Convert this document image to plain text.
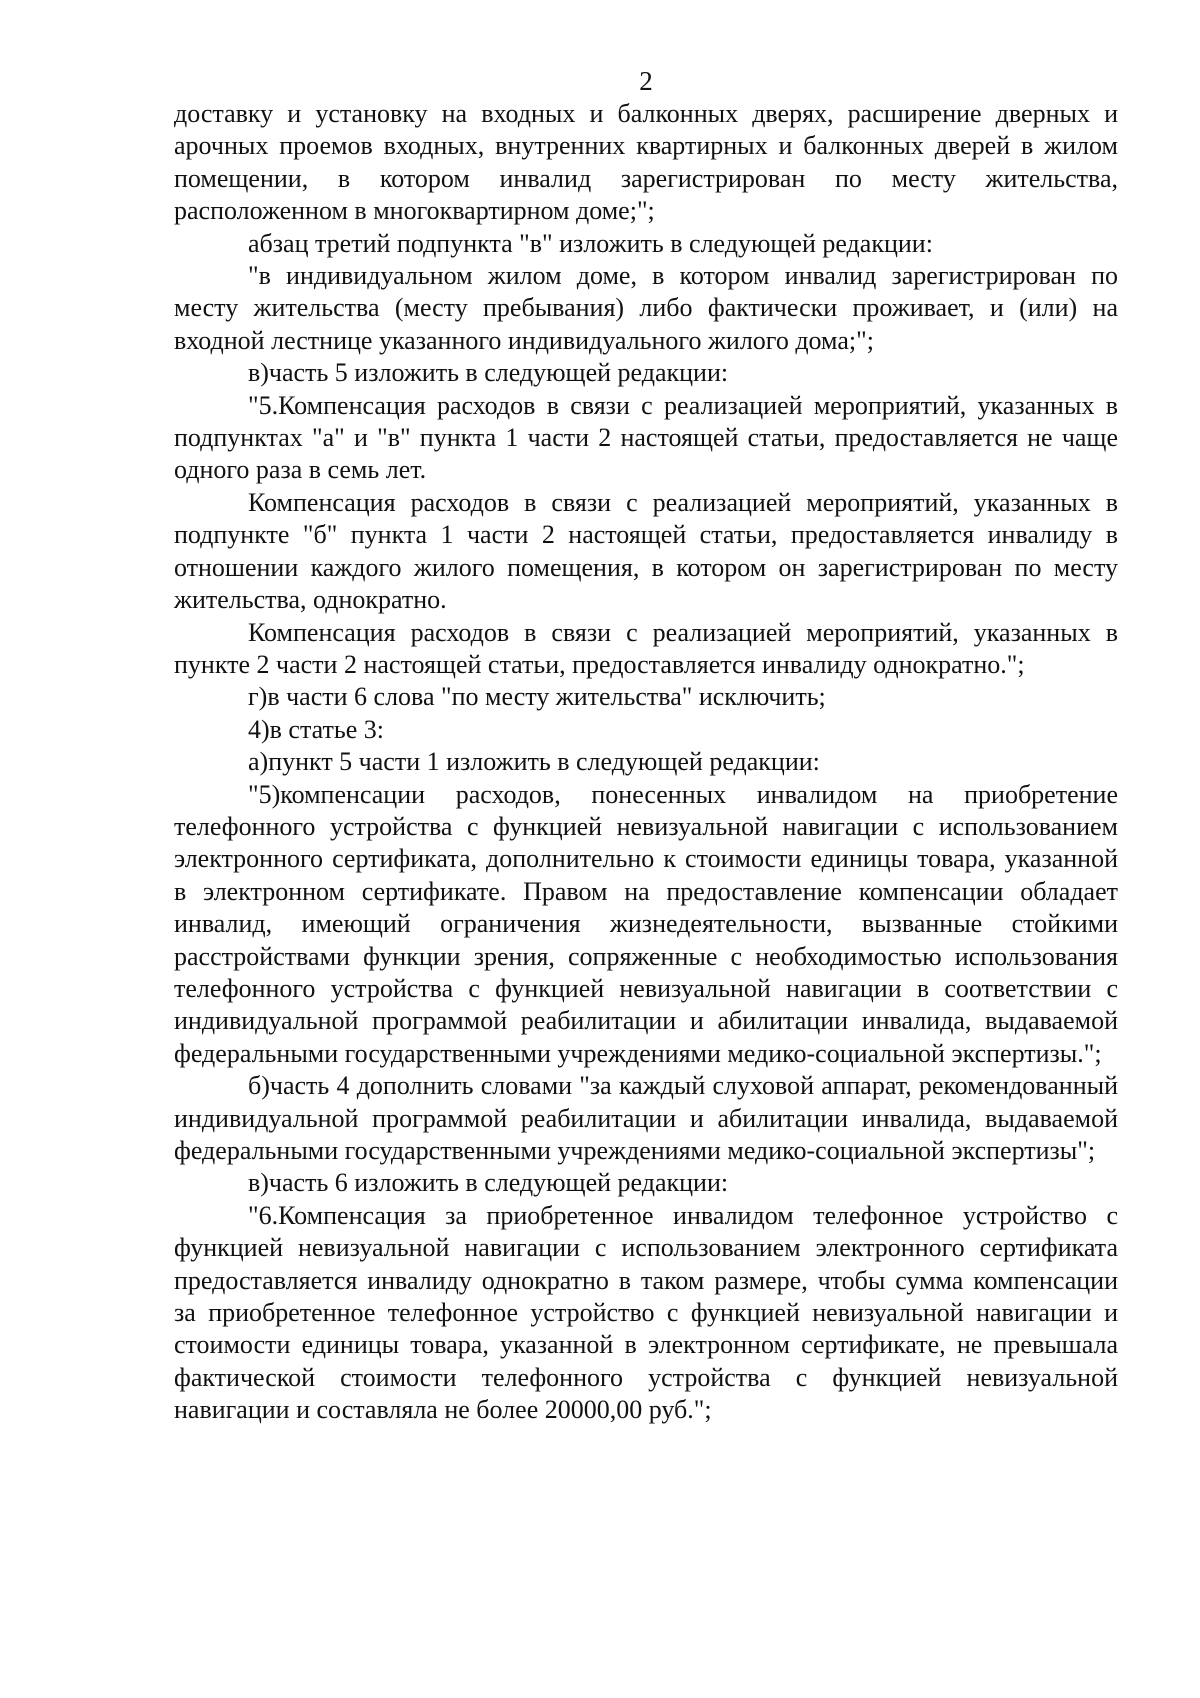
2

доставку и установку на входных и балконных дверях, расширение дверных и арочных проемов входных, внутренних квартирных и балконных дверей в жилом помещении, в котором инвалид зарегистрирован по месту жительства, расположенном в многоквартирном доме;";

абзац третий подпункта "в" изложить в следующей редакции:

"в индивидуальном жилом доме, в котором инвалид зарегистрирован по месту жительства (месту пребывания) либо фактически проживает, и (или) на входной лестнице указанного индивидуального жилого дома;";

в)часть 5 изложить в следующей редакции:

"5.Компенсация расходов в связи с реализацией мероприятий, указанных в подпунктах "а" и "в" пункта 1 части 2 настоящей статьи, предоставляется не чаще одного раза в семь лет.

Компенсация расходов в связи с реализацией мероприятий, указанных в подпункте "б" пункта 1 части 2 настоящей статьи, предоставляется инвалиду в отношении каждого жилого помещения, в котором он зарегистрирован по месту жительства, однократно.

Компенсация расходов в связи с реализацией мероприятий, указанных в пункте 2 части 2 настоящей статьи, предоставляется инвалиду однократно.";

г)в части 6 слова "по месту жительства" исключить;

4)в статье 3:

а)пункт 5 части 1 изложить в следующей редакции:

"5)компенсации расходов, понесенных инвалидом на приобретение телефонного устройства с функцией невизуальной навигации с использованием электронного сертификата, дополнительно к стоимости единицы товара, указанной в электронном сертификате. Правом на предоставление компенсации обладает инвалид, имеющий ограничения жизнедеятельности, вызванные стойкими расстройствами функции зрения, сопряженные с необходимостью использования телефонного устройства с функцией невизуальной навигации в соответствии с индивидуальной программой реабилитации и абилитации инвалида, выдаваемой федеральными государственными учреждениями медико-социальной экспертизы.";

б)часть 4 дополнить словами "за каждый слуховой аппарат, рекомендованный индивидуальной программой реабилитации и абилитации инвалида, выдаваемой федеральными государственными учреждениями медико-социальной экспертизы";

в)часть 6 изложить в следующей редакции:

"6.Компенсация за приобретенное инвалидом телефонное устройство с функцией невизуальной навигации с использованием электронного сертификата предоставляется инвалиду однократно в таком размере, чтобы сумма компенсации за приобретенное телефонное устройство с функцией невизуальной навигации и стоимости единицы товара, указанной в электронном сертификате, не превышала фактической стоимости телефонного устройства с функцией невизуальной навигации и составляла не более 20000,00 руб.";
